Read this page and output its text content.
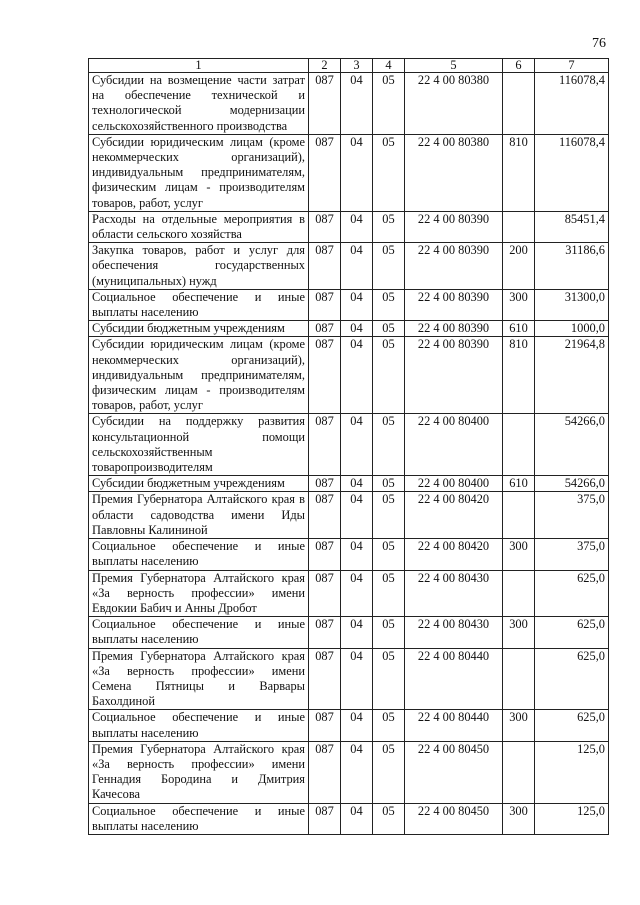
76
1	2	3	4	5	6	7
Субсидии на возмещение части затрат на обеспечение технической и технологической модернизации сельскохозяйственного производства	087	04	05	22 4 00 80380		116078,4
Субсидии юридическим лицам (кроме некоммерческих организаций), индивидуальным предпринимателям, физическим лицам - производителям товаров, работ, услуг	087	04	05	22 4 00 80380	810	116078,4
Расходы на отдельные мероприятия в области сельского хозяйства	087	04	05	22 4 00 80390		85451,4
Закупка товаров, работ и услуг для обеспечения государственных (муниципальных) нужд	087	04	05	22 4 00 80390	200	31186,6
Социальное обеспечение и иные выплаты населению	087	04	05	22 4 00 80390	300	31300,0
Субсидии бюджетным учреждениям	087	04	05	22 4 00 80390	610	1000,0
Субсидии юридическим лицам (кроме некоммерческих организаций), индивидуальным предпринимателям, физическим лицам - производителям товаров, работ, услуг	087	04	05	22 4 00 80390	810	21964,8
Субсидии на поддержку развития консультационной помощи сельскохозяйственным товаропроизводителям	087	04	05	22 4 00 80400		54266,0
Субсидии бюджетным учреждениям	087	04	05	22 4 00 80400	610	54266,0
Премия Губернатора Алтайского края в области садоводства имени Иды Павловны Калининой	087	04	05	22 4 00 80420		375,0
Социальное обеспечение и иные выплаты населению	087	04	05	22 4 00 80420	300	375,0
Премия Губернатора Алтайского края «За верность профессии» имени Евдокии Бабич и Анны Дробот	087	04	05	22 4 00 80430		625,0
Социальное обеспечение и иные выплаты населению	087	04	05	22 4 00 80430	300	625,0
Премия Губернатора Алтайского края «За верность профессии» имени Семена Пятницы и Варвары Бахолдиной	087	04	05	22 4 00 80440		625,0
Социальное обеспечение и иные выплаты населению	087	04	05	22 4 00 80440	300	625,0
Премия Губернатора Алтайского края «За верность профессии» имени Геннадия Бородина и Дмитрия Качесова	087	04	05	22 4 00 80450		125,0
Социальное обеспечение и иные выплаты населению	087	04	05	22 4 00 80450	300	125,0
